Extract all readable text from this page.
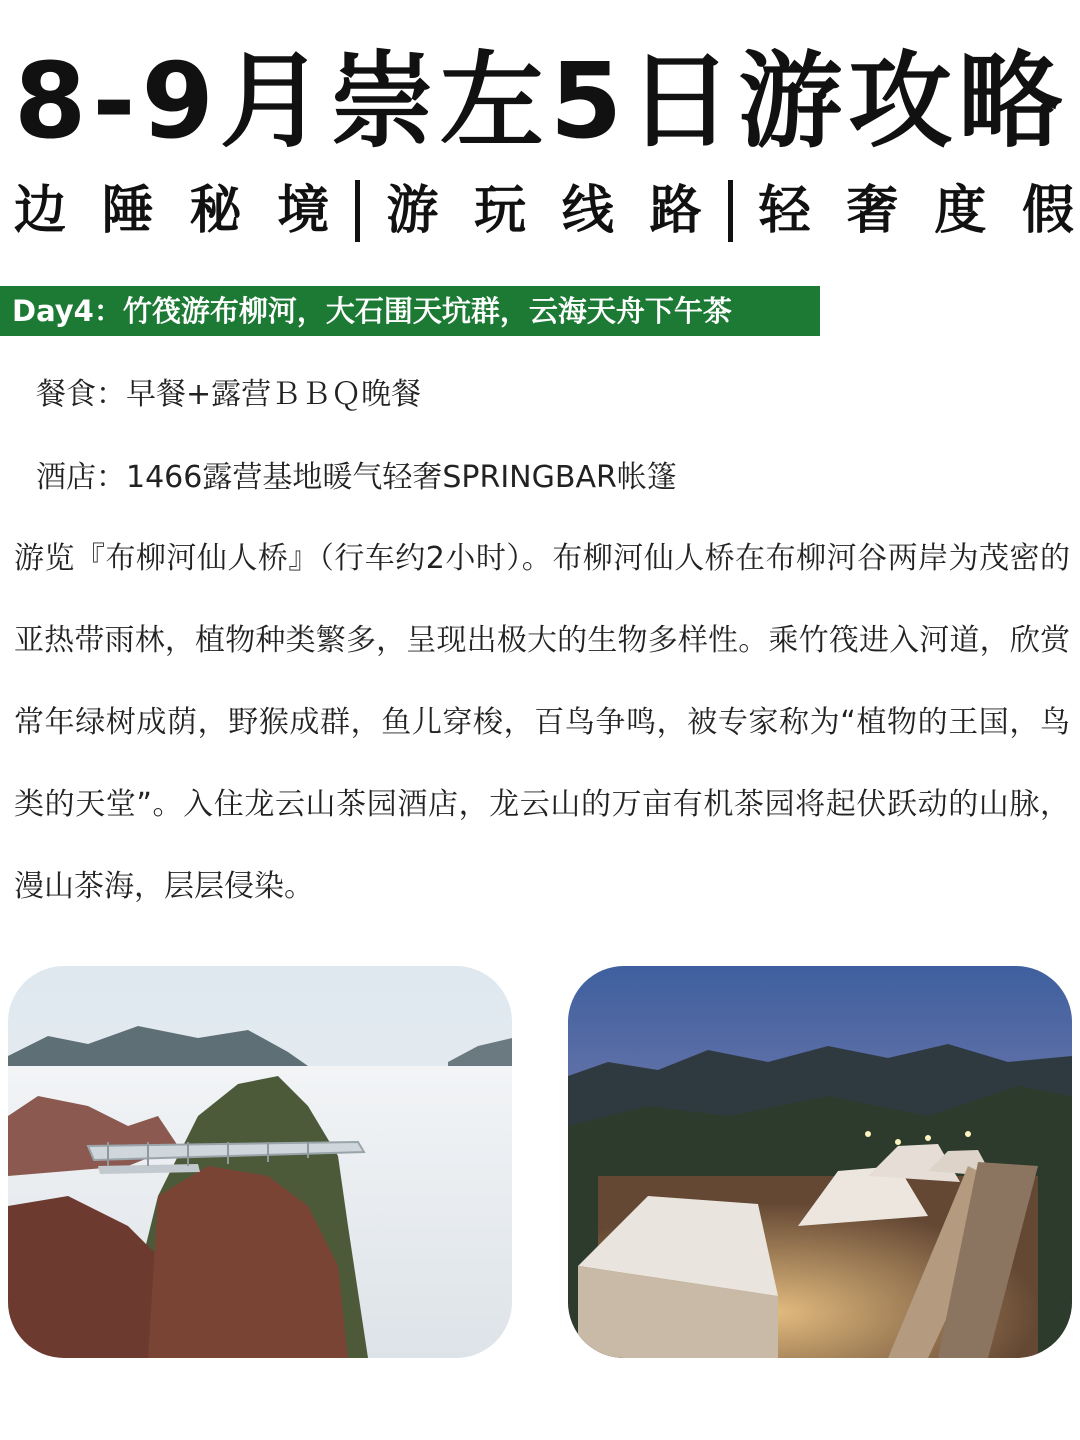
8-9月崇左5日游攻略
边 陲 秘 境 游 玩 线 路 轻 奢 度 假
Day4：竹筏游布柳河，大石围天坑群，云海天舟下午茶
餐食：早餐+露营ＢＢＱ晚餐
酒店：1466露营基地暖气轻奢SPRINGBAR帐篷
游览『布柳河仙人桥』（行车约2小时）。布柳河仙人桥在布柳河谷两岸为茂密的亚热带雨林，植物种类繁多，呈现出极大的生物多样性。乘竹筏进入河道，欣赏常年绿树成荫，野猴成群，鱼儿穿梭，百鸟争鸣，被专家称为“植物的王国，鸟类的天堂”。入住龙云山茶园酒店，龙云山的万亩有机茶园将起伏跃动的山脉，漫山茶海，层层侵染。
